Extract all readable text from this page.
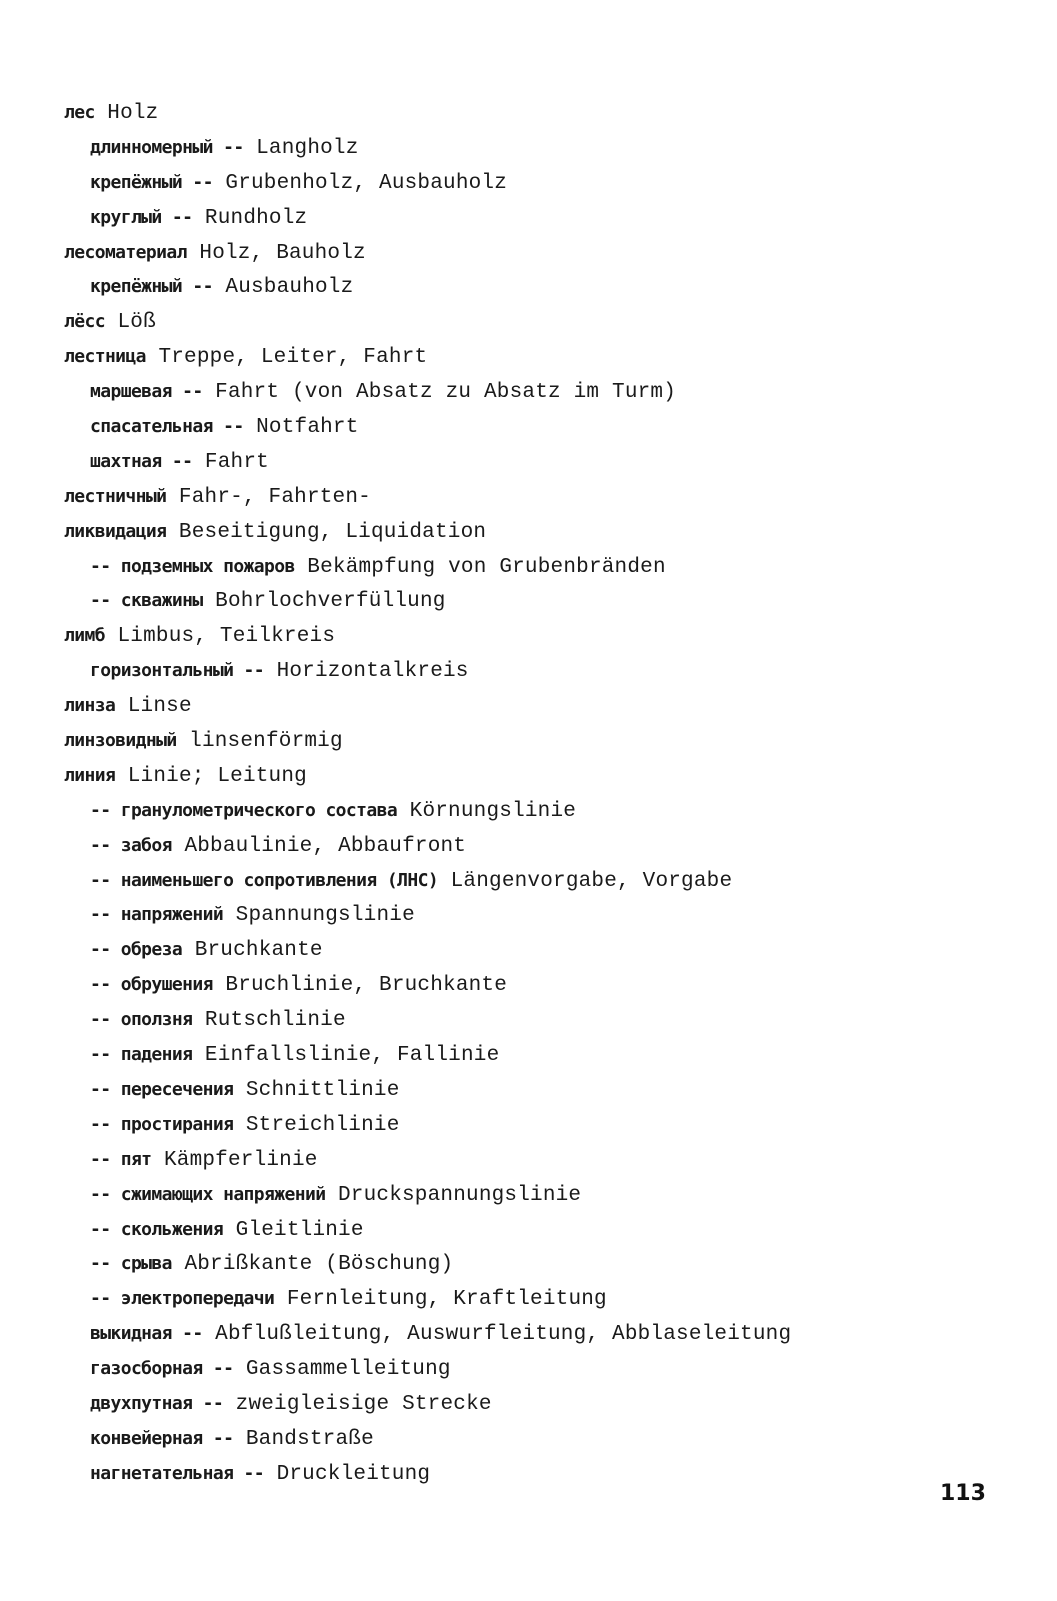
лес Holz
длинномерный -- Langholz
крепёжный -- Grubenholz, Ausbauholz
круглый -- Rundholz
лесоматериал Holz, Bauholz
крепёжный -- Ausbauholz
лёсс Löß
лестница Treppe, Leiter, Fahrt
маршевая -- Fahrt (von Absatz zu Absatz im Turm)
спасательная -- Notfahrt
шахтная -- Fahrt
лестничный Fahr-, Fahrten-
ликвидация Beseitigung, Liquidation
-- подземных пожаров Bekämpfung von Grubenbränden
-- скважины Bohrlochverfüllung
лимб Limbus, Teilkreis
горизонтальный -- Horizontalkreis
линза Linse
линзовидный linsenförmig
линия Linie; Leitung
-- гранулометрического состава Körnungslinie
-- забоя Abbaulinie, Abbaufront
-- наименьшего сопротивления (ЛНС) Längenvorgabe, Vorgabe
-- напряжений Spannungslinie
-- обреза Bruchkante
-- обрушения Bruchlinie, Bruchkante
-- оползня Rutschlinie
-- падения Einfallslinie, Fallinie
-- пересечения Schnittlinie
-- простирания Streichlinie
-- пят Kämpferlinie
-- сжимающих напряжений Druckspannungslinie
-- скольжения Gleitlinie
-- срыва Abrißkante (Böschung)
-- электропередачи Fernleitung, Kraftleitung
выкидная -- Abflußleitung, Auswurfleitung, Abblaseleitung
газосборная -- Gassammelleitung
двухпутная -- zweigleisige Strecke
конвейерная -- Bandstraße
нагнетательная -- Druckleitung
113
